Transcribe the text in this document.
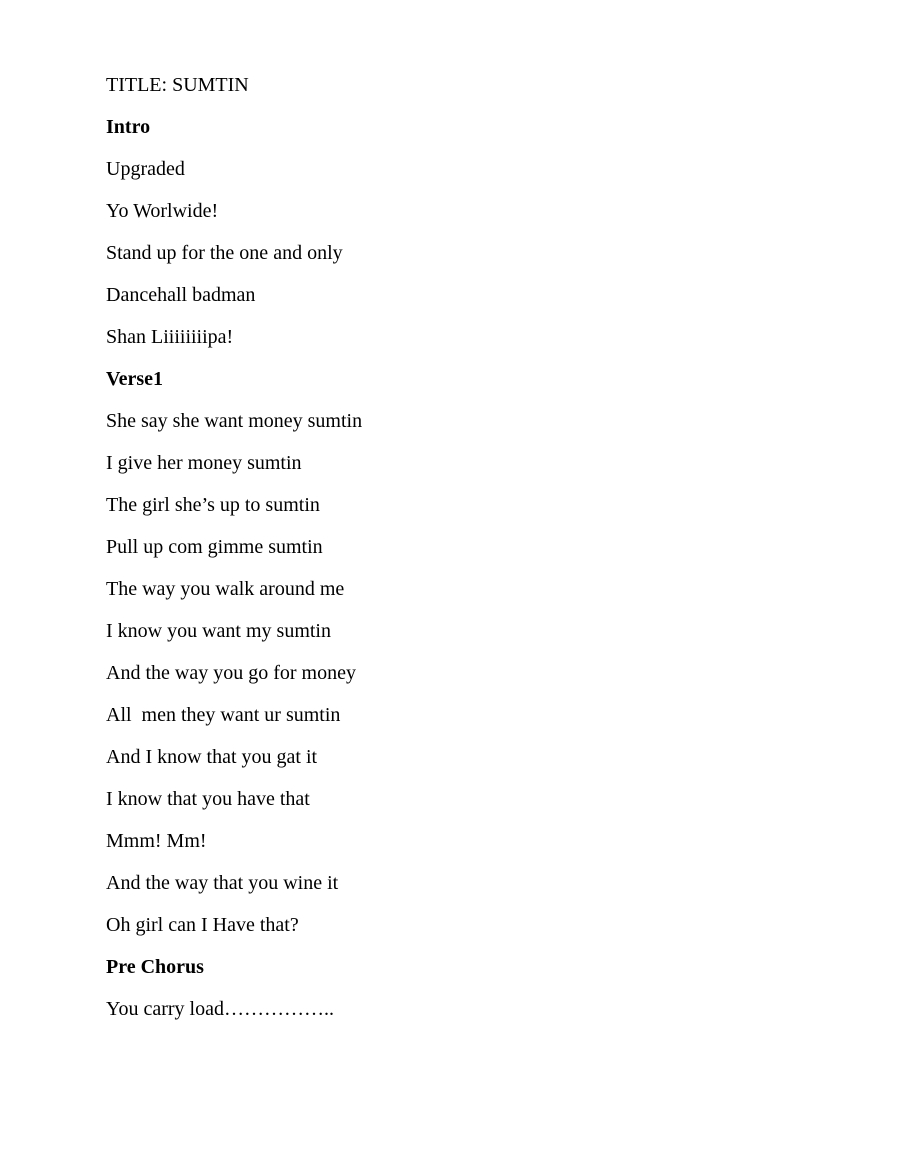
TITLE: SUMTIN
Intro
Upgraded
Yo Worlwide!
Stand up for the one and only
Dancehall badman
Shan Liiiiiiiipa!
Verse1
She say she want money sumtin
I give her money sumtin
The girl she’s up to sumtin
Pull up com gimme sumtin
The way you walk around me
I know you want my sumtin
And the way you go for money
All  men they want ur sumtin
And I know that you gat it
I know that you have that
Mmm! Mm!
And the way that you wine it
Oh girl can I Have that?
Pre Chorus
You carry load……………..
